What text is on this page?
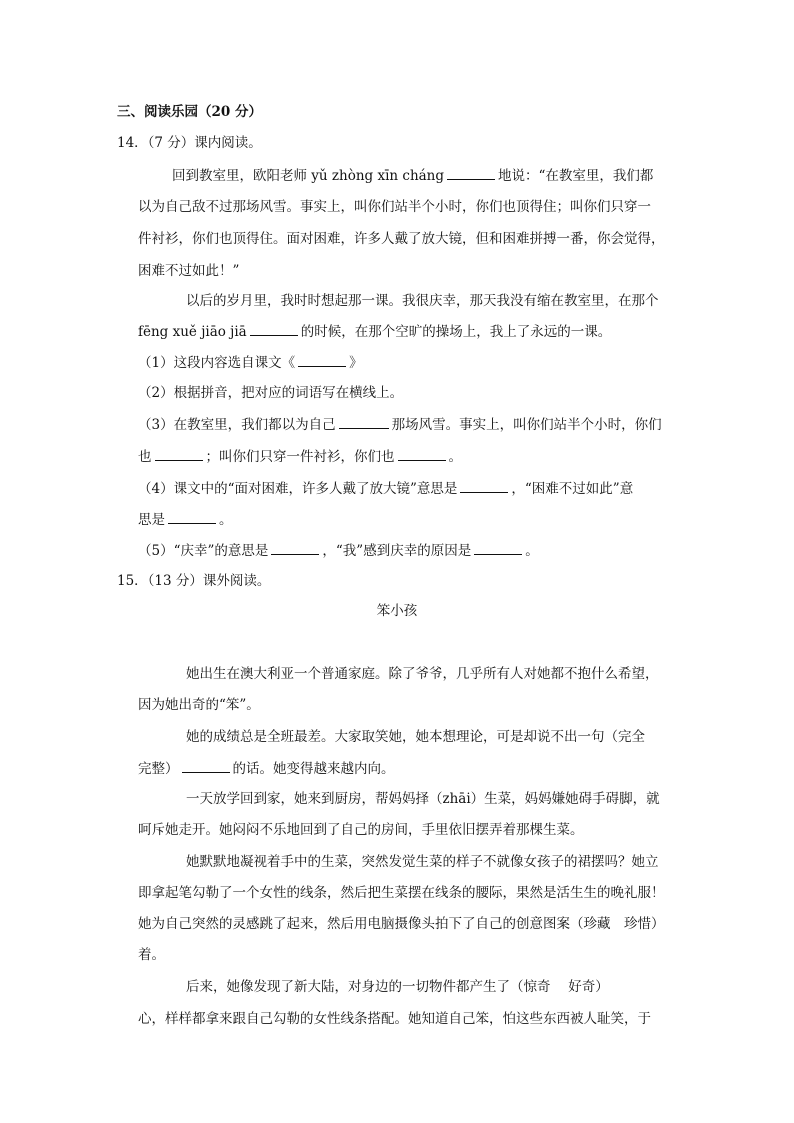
三、阅读乐园（20 分）
14．（7 分）课内阅读。
回到教室里，欧阳老师 yǔ zhòng xīn cháng	地说：“在教室里，我们都
以为自己敌不过那场风雪。事实上，叫你们站半个小时，你们也顶得住；叫你们只穿一
件衬衫，你们也顶得住。面对困难，许多人戴了放大镜，但和困难拼搏一番，你会觉得，
困难不过如此！”
以后的岁月里，我时时想起那一课。我很庆幸，那天我没有缩在教室里，在那个
fēng xuě jiāo jiā	的时候，在那个空旷的操场上，我上了永远的一课。
（1）这段内容选自课文《	》
（2）根据拼音，把对应的词语写在横线上。
（3）在教室里，我们都以为自己	那场风雪。事实上，叫你们站半个小时，你们
也	；叫你们只穿一件衬衫，你们也	。
（4）课文中的“面对困难，许多人戴了放大镜”意思是	，“困难不过如此”意
思是	。
（5）“庆幸”的意思是	，“我”感到庆幸的原因是	。
15．（13 分）课外阅读。
笨小孩
她出生在澳大利亚一个普通家庭。除了爷爷，几乎所有人对她都不抱什么希望，
因为她出奇的“笨”。
她的成绩总是全班最差。大家取笑她，她本想理论，可是却说不出一句（完全
完整）	的话。她变得越来越内向。
一天放学回到家，她来到厨房，帮妈妈择（zhāi）生菜，妈妈嫌她碍手碍脚，就
呵斥她走开。她闷闷不乐地回到了自己的房间，手里依旧摆弄着那棵生菜。
她默默地凝视着手中的生菜，突然发觉生菜的样子不就像女孩子的裙摆吗？她立
即拿起笔勾勒了一个女性的线条，然后把生菜摆在线条的腰际，果然是活生生的晚礼服！
她为自己突然的灵感跳了起来，然后用电脑摄像头拍下了自己的创意图案（珍藏　珍惜）
着。
后来，她像发现了新大陆，对身边的一切物件都产生了（惊奇　 好奇）
心，样样都拿来跟自己勾勒的女性线条搭配。她知道自己笨，怕这些东西被人耻笑，于
